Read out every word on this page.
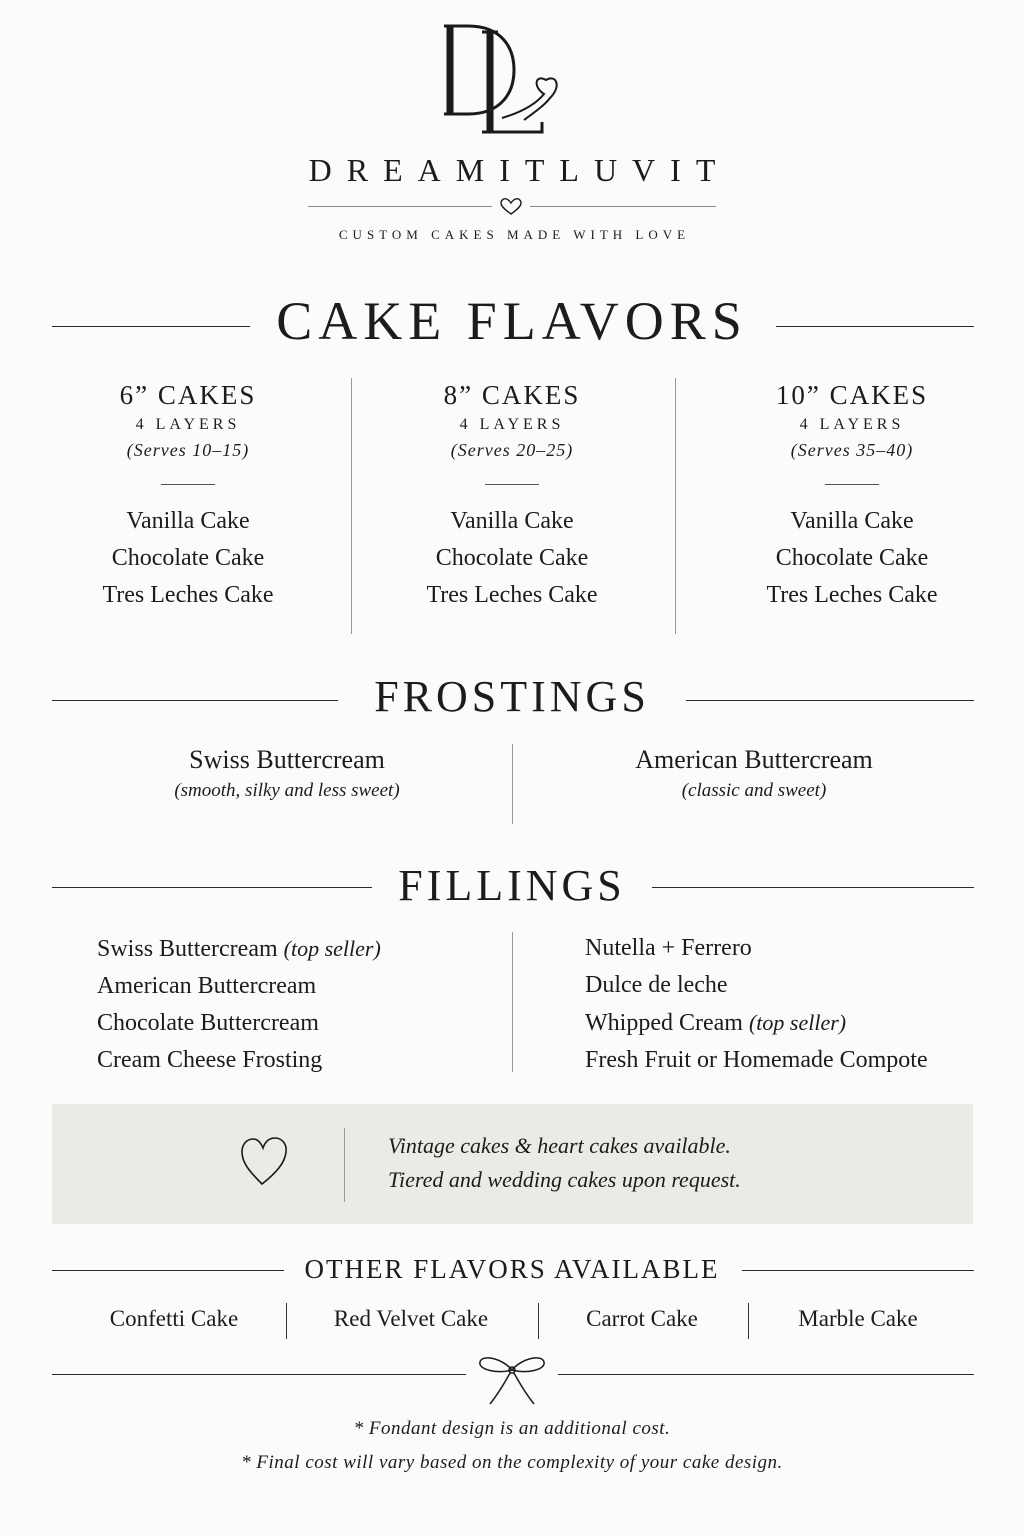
DREAMITLUVIT
CUSTOM CAKES MADE WITH LOVE
CAKE FLAVORS
6” CAKES
4 LAYERS
(Serves 10–15)
Vanilla Cake
Chocolate Cake
Tres Leches Cake
8” CAKES
4 LAYERS
(Serves 20–25)
Vanilla Cake
Chocolate Cake
Tres Leches Cake
10” CAKES
4 LAYERS
(Serves 35–40)
Vanilla Cake
Chocolate Cake
Tres Leches Cake
FROSTINGS
Swiss Buttercream
(smooth, silky and less sweet)
American Buttercream
(classic and sweet)
FILLINGS
Swiss Buttercream (top seller)
American Buttercream
Chocolate Buttercream
Cream Cheese Frosting
Nutella + Ferrero
Dulce de leche
Whipped Cream (top seller)
Fresh Fruit or Homemade Compote
Vintage cakes & heart cakes available.
Tiered and wedding cakes upon request.
OTHER FLAVORS AVAILABLE
Confetti Cake	Red Velvet Cake	Carrot Cake	Marble Cake
* Fondant design is an additional cost.
* Final cost will vary based on the complexity of your cake design.
